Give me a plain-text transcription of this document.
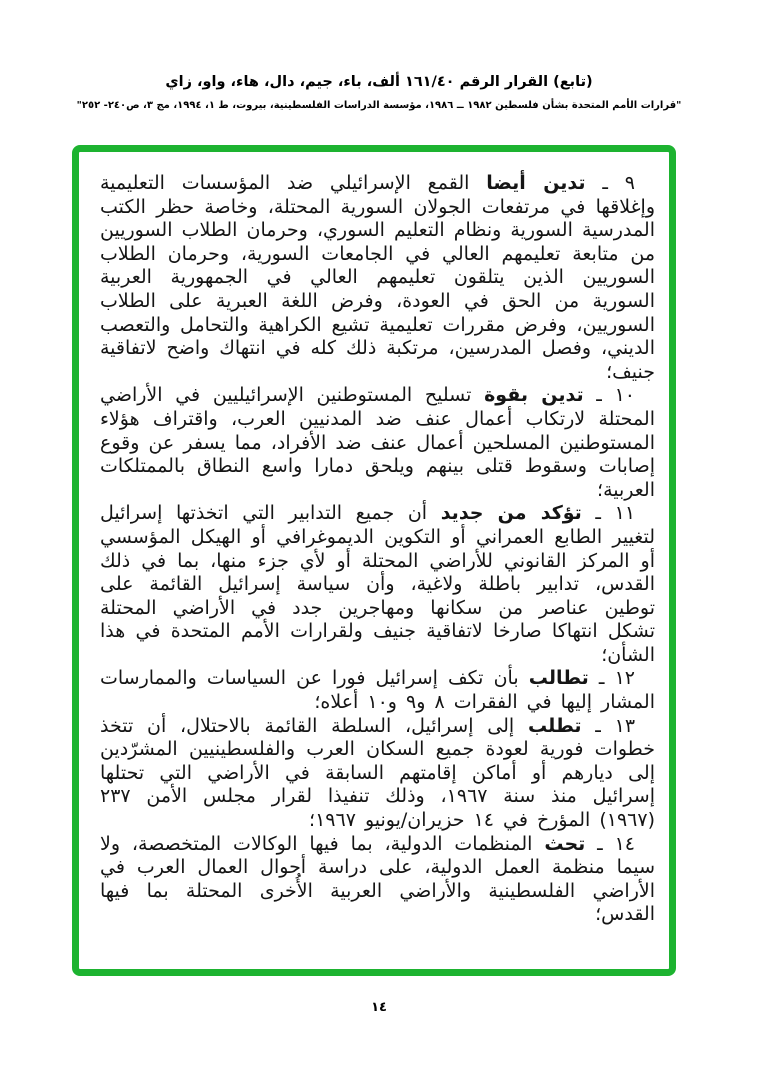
(تابع) القرار الرقم ١٦١/٤٠ ألف، باء، جيم، دال، هاء، واو، زاي
"قرارات الأمم المتحدة بشأن فلسطين ١٩٨٢ ــ ١٩٨٦، مؤسسة الدراسات الفلسطينية، بيروت، ط ١، ١٩٩٤، مج ٣، ص٢٤٠- ٢٥٢"

٩ ـ تدين أيضا القمع الإسرائيلي ضد المؤسسات التعليمية وإغلاقها في مرتفعات الجولان السورية المحتلة، وخاصة حظر الكتب المدرسية السورية ونظام التعليم السوري، وحرمان الطلاب السوريين من متابعة تعليمهم العالي في الجامعات السورية، وحرمان الطلاب السوريين الذين يتلقون تعليمهم العالي في الجمهورية العربية السورية من الحق في العودة، وفرض اللغة العبرية على الطلاب السوريين، وفرض مقررات تعليمية تشيع الكراهية والتحامل والتعصب الديني، وفصل المدرسين، مرتكبة ذلك كله في انتهاك واضح لاتفاقية جنيف؛

١٠ ـ تدين بقوة تسليح المستوطنين الإسرائيليين في الأراضي المحتلة لارتكاب أعمال عنف ضد المدنيين العرب، واقتراف هؤلاء المستوطنين المسلحين أعمال عنف ضد الأفراد، مما يسفر عن وقوع إصابات وسقوط قتلى بينهم ويلحق دمارا واسع النطاق بالممتلكات العربية؛

١١ ـ تؤكد من جديد أن جميع التدابير التي اتخذتها إسرائيل لتغيير الطابع العمراني أو التكوين الديموغرافي أو الهيكل المؤسسي أو المركز القانوني للأراضي المحتلة أو لأي جزء منها، بما في ذلك القدس، تدابير باطلة ولاغية، وأن سياسة إسرائيل القائمة على توطين عناصر من سكانها ومهاجرين جدد في الأراضي المحتلة تشكل انتهاكا صارخا لاتفاقية جنيف ولقرارات الأمم المتحدة في هذا الشأن؛

١٢ ـ تطالب بأن تكف إسرائيل فورا عن السياسات والممارسات المشار إليها في الفقرات ٨ و٩ و١٠ أعلاه؛

١٣ ـ تطلب إلى إسرائيل، السلطة القائمة بالاحتلال، أن تتخذ خطوات فورية لعودة جميع السكان العرب والفلسطينيين المشرّدين إلى ديارهم أو أماكن إقامتهم السابقة في الأراضي التي تحتلها إسرائيل منذ سنة ١٩٦٧، وذلك تنفيذا لقرار مجلس الأمن ٢٣٧ (١٩٦٧) المؤرخ في ١٤ حزيران/يونيو ١٩٦٧؛

١٤ ـ تحث المنظمات الدولية، بما فيها الوكالات المتخصصة، ولا سيما منظمة العمل الدولية، على دراسة أحوال العمال العرب في الأراضي الفلسطينية والأراضي العربية الأُخرى المحتلة بما فيها القدس؛

١٤
